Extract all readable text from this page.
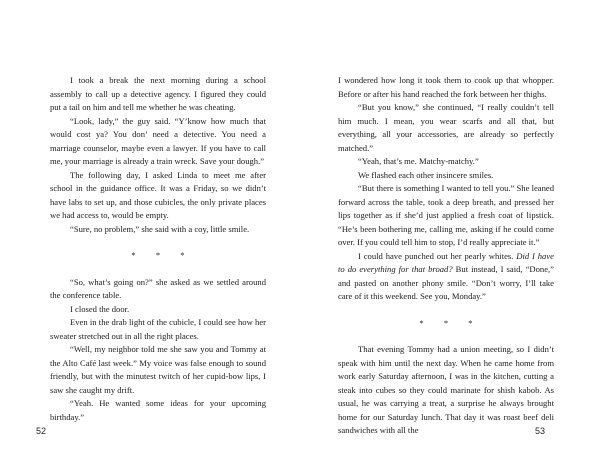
I took a break the next morning during a school assembly to call up a detective agency. I figured they could put a tail on him and tell me whether he was cheating.

“Look, lady,” the guy said. “Y’know how much that would cost ya? You don’ need a detective. You need a marriage counselor, maybe even a lawyer. If you have to call me, your marriage is already a train wreck. Save your dough.”

The following day, I asked Linda to meet me after school in the guidance office. It was a Friday, so we didn’t have labs to set up, and those cubicles, the only private places we had access to, would be empty.

“Sure, no problem,” she said with a coy, little smile.

* * *

“So, what’s going on?” she asked as we settled around the conference table.

I closed the door.

Even in the drab light of the cubicle, I could see how her sweater stretched out in all the right places.

“Well, my neighbor told me she saw you and Tommy at the Alto Café last week.” My voice was false enough to sound friendly, but with the minutest twitch of her cupid-bow lips, I saw she caught my drift.

“Yeah. He wanted some ideas for your upcoming birthday.”

52

I wondered how long it took them to cook up that whopper. Before or after his hand reached the fork between her thighs.

“But you know,” she continued, “I really couldn’t tell him much. I mean, you wear scarfs and all that, but everything, all your accessories, are already so perfectly matched.”

“Yeah, that’s me. Matchy-matchy.”

We flashed each other insincere smiles.

“But there is something I wanted to tell you.” She leaned forward across the table, took a deep breath, and pressed her lips together as if she’d just applied a fresh coat of lipstick. “He’s been bothering me, calling me, asking if he could come over. If you could tell him to stop, I’d really appreciate it.”

I could have punched out her pearly whites. Did I have to do everything for that broad? But instead, I said, “Done,” and pasted on another phony smile. “Don’t worry, I’ll take care of it this weekend. See you, Monday.”

* * *

That evening Tommy had a union meeting, so I didn’t speak with him until the next day. When he came home from work early Saturday afternoon, I was in the kitchen, cutting a steak into cubes so they could marinate for shish kabob. As usual, he was carrying a treat, a surprise he always brought home for our Saturday lunch. That day it was roast beef deli sandwiches with all the	53
